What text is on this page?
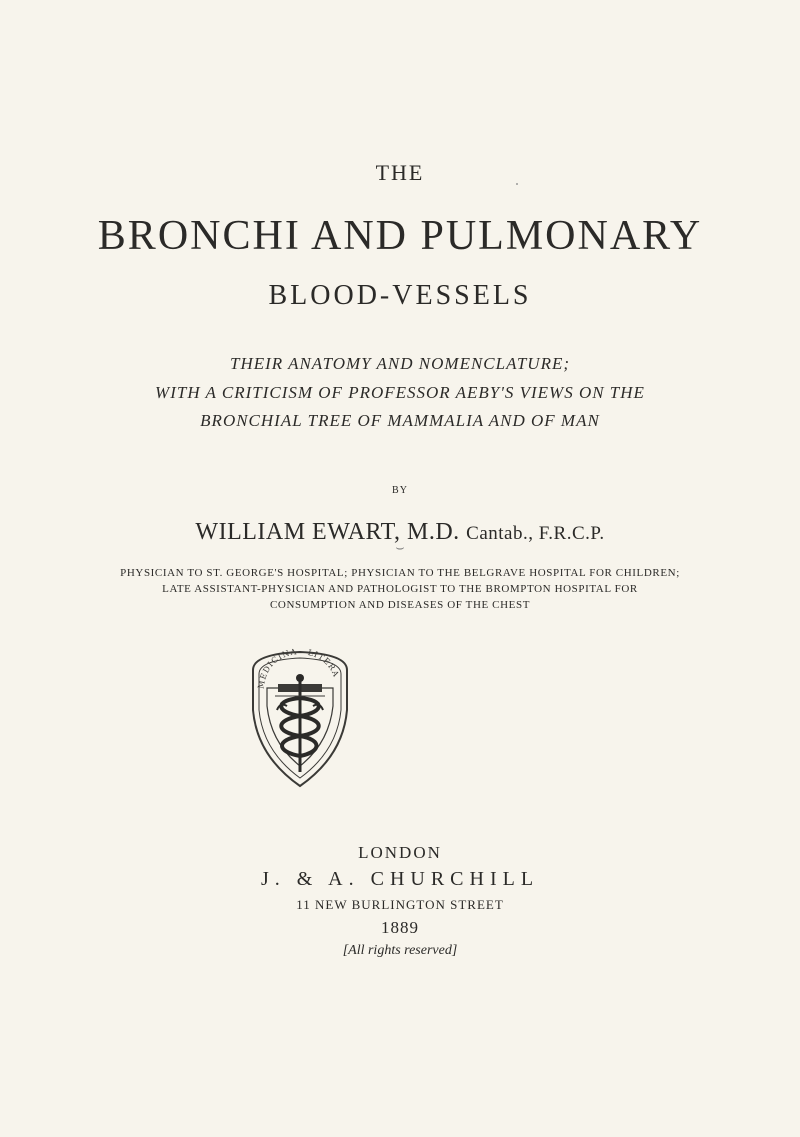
THE
BRONCHI AND PULMONARY
BLOOD-VESSELS
THEIR ANATOMY AND NOMENCLATURE;
WITH A CRITICISM OF PROFESSOR AEBY'S VIEWS ON THE
BRONCHIAL TREE OF MAMMALIA AND OF MAN
BY
WILLIAM EWART, M.D. Cantab., F.R.C.P.
⌣
PHYSICIAN TO ST. GEORGE'S HOSPITAL; PHYSICIAN TO THE BELGRAVE HOSPITAL FOR CHILDREN;
LATE ASSISTANT-PHYSICIAN AND PATHOLOGIST TO THE BROMPTON HOSPITAL FOR
CONSUMPTION AND DISEASES OF THE CHEST
MEDICINA LITERA
LONDON
J. & A. CHURCHILL
11 NEW BURLINGTON STREET
1889
[All rights reserved]
